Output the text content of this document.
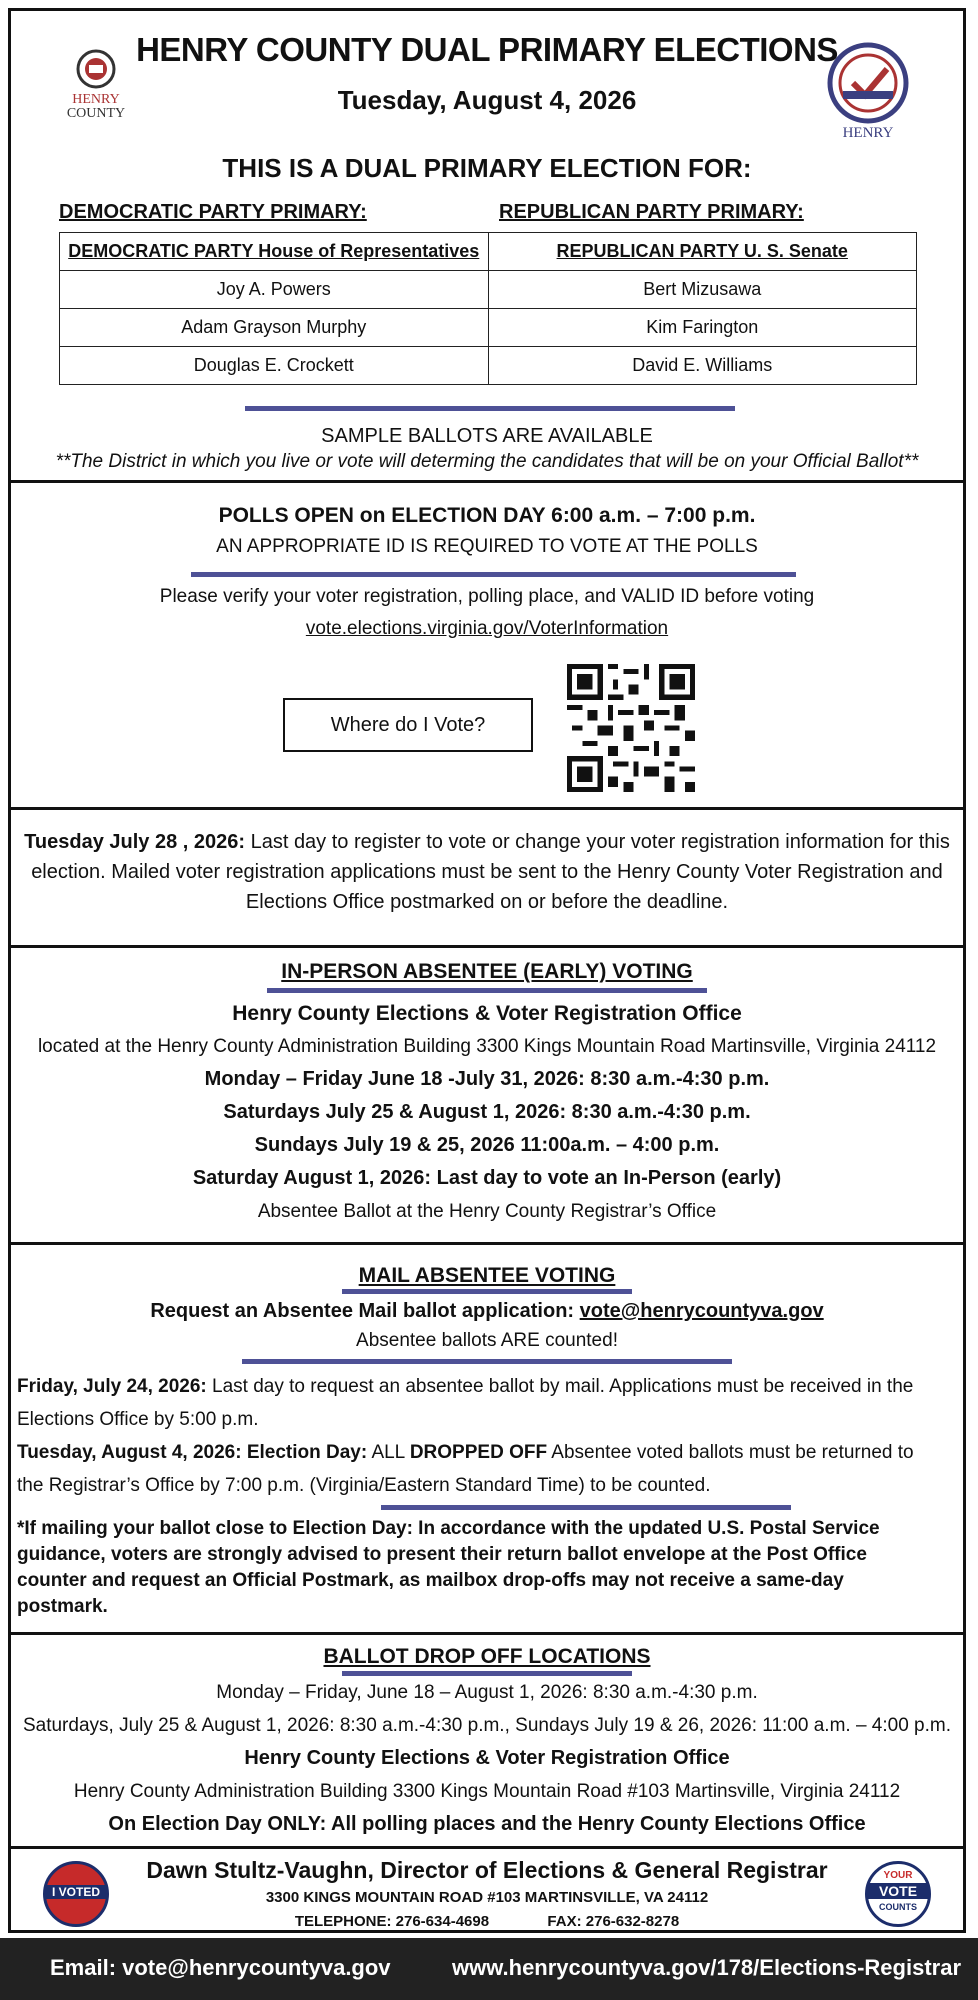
HENRY
COUNTY
HENRY
HENRY COUNTY DUAL PRIMARY ELECTIONS
Tuesday, August 4, 2026
THIS IS A DUAL PRIMARY ELECTION FOR:
DEMOCRATIC PARTY PRIMARY:	REPUBLICAN PARTY PRIMARY:
DEMOCRATIC PARTY House of Representatives	REPUBLICAN PARTY U. S. Senate
Joy A. Powers	Bert Mizusawa
Adam Grayson Murphy	Kim Farington
Douglas E. Crockett	David E. Williams
SAMPLE BALLOTS ARE AVAILABLE
**The District in which you live or vote will determing the candidates that will be on your Official Ballot**
POLLS OPEN on ELECTION DAY 6:00 a.m. – 7:00 p.m.
AN APPROPRIATE ID IS REQUIRED TO VOTE AT THE POLLS
Please verify your voter registration, polling place, and VALID ID before voting
vote.elections.virginia.gov/VoterInformation
Where do I Vote?
Tuesday July 28 , 2026: Last day to register to vote or change your voter registration information for this
election. Mailed voter registration applications must be sent to the Henry County Voter Registration and
Elections Office postmarked on or before the deadline.
IN-PERSON ABSENTEE (EARLY) VOTING
Henry County Elections & Voter Registration Office
located at the Henry County Administration Building 3300 Kings Mountain Road Martinsville, Virginia 24112
Monday – Friday June 18 -July 31, 2026: 8:30 a.m.-4:30 p.m.
Saturdays July 25 & August 1, 2026: 8:30 a.m.-4:30 p.m.
Sundays July 19 & 25, 2026 11:00a.m. – 4:00 p.m.
Saturday August 1, 2026: Last day to vote an In-Person (early)
Absentee Ballot at the Henry County Registrar’s Office
MAIL ABSENTEE VOTING
Request an Absentee Mail ballot application: vote@henrycountyva.gov
Absentee ballots ARE counted!
Friday, July 24, 2026: Last day to request an absentee ballot by mail. Applications must be received in the
Elections Office by 5:00 p.m.
Tuesday, August 4, 2026: Election Day: ALL DROPPED OFF Absentee voted ballots must be returned to
the Registrar’s Office by 7:00 p.m. (Virginia/Eastern Standard Time) to be counted.
*If mailing your ballot close to Election Day: In accordance with the updated U.S. Postal Service
guidance, voters are strongly advised to present their return ballot envelope at the Post Office
counter and request an Official Postmark, as mailbox drop-offs may not receive a same-day
postmark.
BALLOT DROP OFF LOCATIONS
Monday – Friday, June 18 – August 1, 2026: 8:30 a.m.-4:30 p.m.
Saturdays, July 25 & August 1, 2026: 8:30 a.m.-4:30 p.m., Sundays July 19 & 26, 2026: 11:00 a.m. – 4:00 p.m.
Henry County Elections & Voter Registration Office
Henry County Administration Building 3300 Kings Mountain Road #103 Martinsville, Virginia 24112
On Election Day ONLY: All polling places and the Henry County Elections Office
I VOTED
YOUR
VOTE
COUNTS
Dawn Stultz-Vaughn, Director of Elections & General Registrar
3300 KINGS MOUNTAIN ROAD #103 MARTINSVILLE, VA 24112
TELEPHONE: 276-634-4698	FAX: 276-632-8278
Email: vote@henrycountyva.gov	www.henrycountyva.gov/178/Elections-Registrar
